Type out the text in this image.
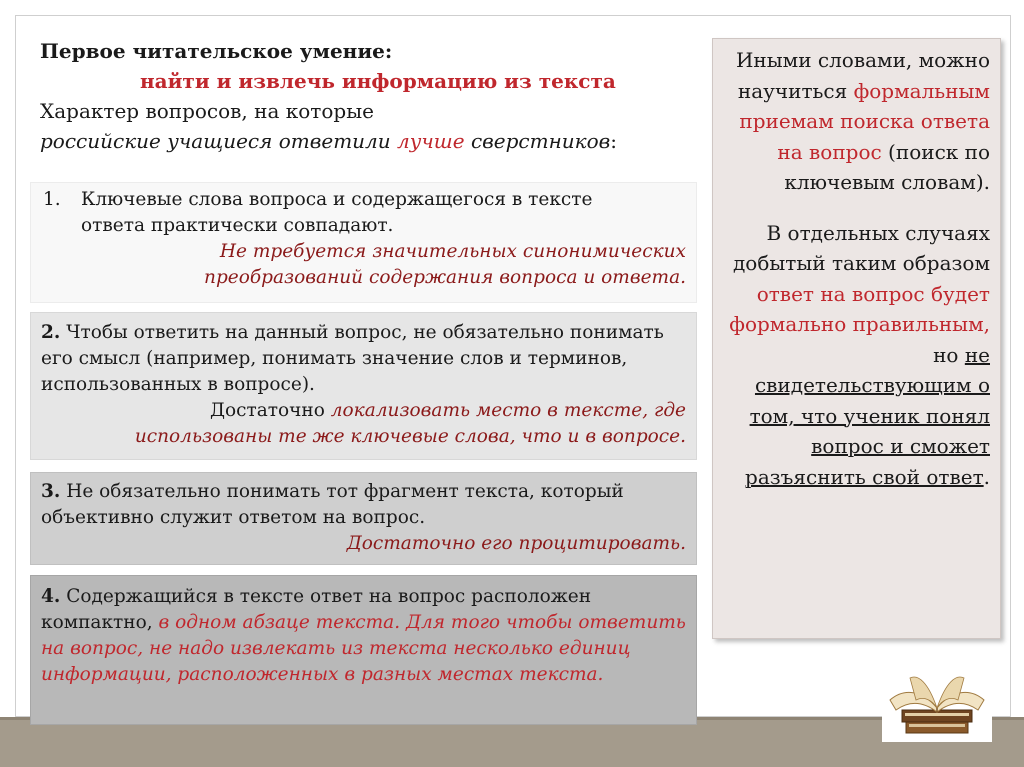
Первое читательское умение:
найти и извлечь информацию из текста
Характер вопросов, на которые
российские учащиеся ответили лучше сверстников:
1. Ключевые слова вопроса и содержащегося в тексте
ответа практически совпадают.
Не требуется значительных синонимических
преобразований содержания вопроса и ответа.
2. Чтобы ответить на данный вопрос, не обязательно понимать его смысл (например, понимать значение слов и терминов, использованных в вопросе).
Достаточно локализовать место в тексте, где
использованы те же ключевые слова, что и в вопросе.
3. Не обязательно понимать тот фрагмент текста, который объективно служит ответом на вопрос.
Достаточно его процитировать.
4. Содержащийся в тексте ответ на вопрос расположен компактно, в одном абзаце текста. Для того чтобы ответить на вопрос, не надо извлекать из текста несколько единиц информации, расположенных в разных местах текста.
Иными словами, можно научиться формальным приемам поиска ответа на вопрос (поиск по ключевым словам).
В отдельных случаях добытый таким образом ответ на вопрос будет формально правильным, но не свидетельствующим о том, что ученик понял вопрос и сможет разъяснить свой ответ.
